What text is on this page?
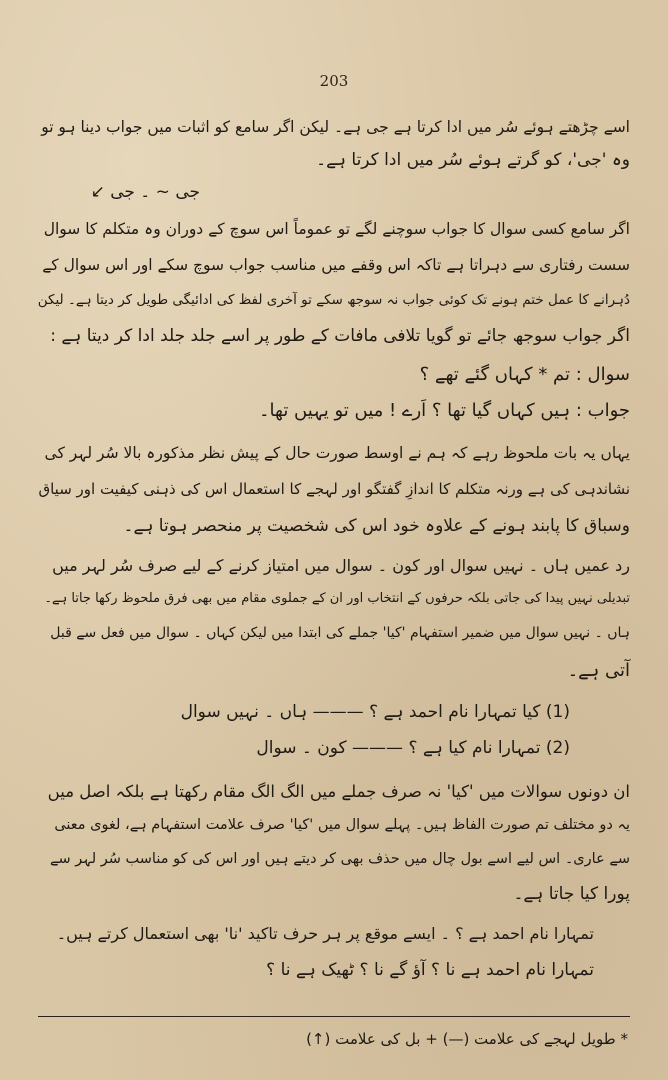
203
اسے چڑھتے ہوئے سُر میں ادا کرتا ہے جی ہے۔ لیکن اگر سامع کو اثبات میں جواب دینا ہو تو
وہ 'جی'، کو گرتے ہوئے سُر میں ادا کرتا ہے۔
جی ~ ۔ جی ↙
اگر سامع کسی سوال کا جواب سوچنے لگے تو عموماً اس سوچ کے دوران وہ متکلم کا سوال
سست رفتاری سے دہراتا ہے تاکہ اس وقفے میں مناسب جواب سوچ سکے اور اس سوال کے
دُہرانے کا عمل ختم ہونے تک کوئی جواب نہ سوجھ سکے تو آخری لفظ کی ادائیگی طویل کر دیتا ہے۔ لیکن
اگر جواب سوجھ جائے تو گویا تلافی مافات کے طور پر اسے جلد جلد ادا کر دیتا ہے :
سوال : تم * کہاں گئے تھے ؟
جواب : ہیں کہاں گیا تھا ؟ اَرے ! میں تو یہیں تھا۔
یہاں یہ بات ملحوظ رہے کہ ہم نے اوسط صورت حال کے پیش نظر مذکورہ بالا سُر لہر کی
نشاندہی کی ہے ورنہ متکلم کا اندازِ گفتگو اور لہجے کا استعمال اس کی ذہنی کیفیت اور سیاق
وسباق کا پابند ہونے کے علاوہ خود اس کی شخصیت پر منحصر ہوتا ہے۔
رد عمیں ہاں ۔ نہیں سوال اور کون ۔ سوال میں امتیاز کرنے کے لیے صرف سُر لہر میں
تبدیلی نہیں پیدا کی جاتی بلکہ حرفوں کے انتخاب اور ان کے جملوی مقام میں بھی فرق ملحوظ رکھا جاتا ہے۔
ہاں ۔ نہیں سوال میں ضمیر استفہام 'کیا' جملے کی ابتدا میں لیکن کہاں ۔ سوال میں فعل سے قبل
آتی ہے۔
(1) کیا تمہارا نام احمد ہے ؟ ——— ہاں ۔ نہیں سوال
(2) تمہارا نام کیا ہے ؟ ——— کون ۔ سوال
ان دونوں سوالات میں 'کیا' نہ صرف جملے میں الگ الگ مقام رکھتا ہے بلکہ اصل میں
یہ دو مختلف تم صورت الفاظ ہیں۔ پہلے سوال میں 'کیا' صرف علامت استفہام ہے، لغوی معنی
سے عاری۔ اس لیے اسے بول چال میں حذف بھی کر دیتے ہیں اور اس کی کو مناسب سُر لہر سے
پورا کیا جاتا ہے۔
تمہارا نام احمد ہے ؟ ۔ ایسے موقع پر ہر حرف تاکید 'نا' بھی استعمال کرتے ہیں۔
تمہارا نام احمد ہے نا ؟ آؤ گے نا ؟ ٹھیک ہے نا ؟
* طویل لہجے کی علامت (—) + بل کی علامت (↑)
